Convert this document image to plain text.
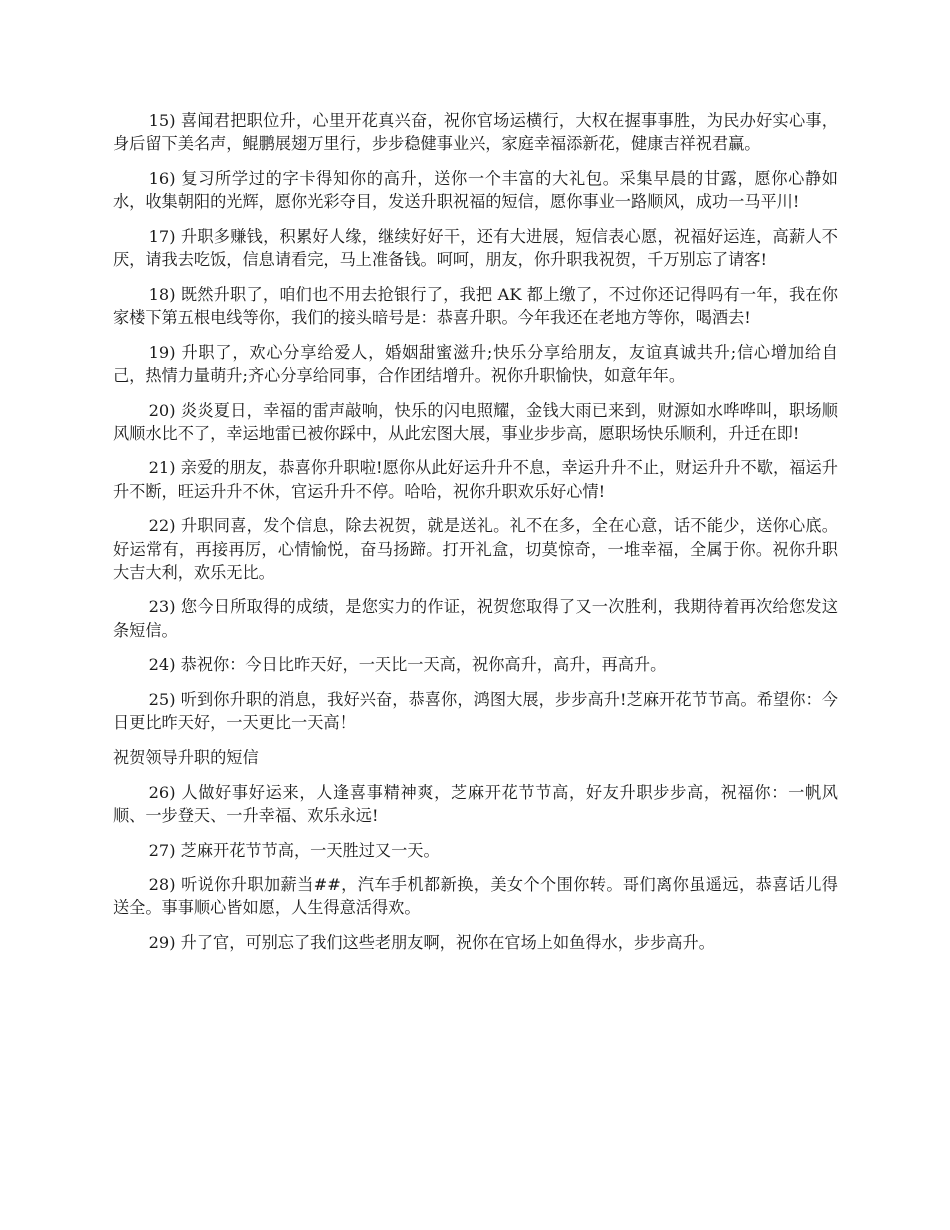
15) 喜闻君把职位升，心里开花真兴奋，祝你官场运横行，大权在握事事胜，为民办好实心事，身后留下美名声，鲲鹏展翅万里行，步步稳健事业兴，家庭幸福添新花，健康吉祥祝君赢。

16) 复习所学过的字卡得知你的高升，送你一个丰富的大礼包。采集早晨的甘露，愿你心静如水，收集朝阳的光辉，愿你光彩夺目，发送升职祝福的短信，愿你事业一路顺风，成功一马平川!

17) 升职多赚钱，积累好人缘，继续好好干，还有大进展，短信表心愿，祝福好运连，高薪人不厌，请我去吃饭，信息请看完，马上准备钱。呵呵，朋友，你升职我祝贺，千万别忘了请客!

18) 既然升职了，咱们也不用去抢银行了，我把 AK 都上缴了，不过你还记得吗有一年，我在你家楼下第五根电线等你，我们的接头暗号是：恭喜升职。今年我还在老地方等你，喝酒去!

19) 升职了，欢心分享给爱人，婚姻甜蜜滋升;快乐分享给朋友，友谊真诚共升;信心增加给自己，热情力量萌升;齐心分享给同事，合作团结增升。祝你升职愉快，如意年年。

20) 炎炎夏日，幸福的雷声敲响，快乐的闪电照耀，金钱大雨已来到，财源如水哗哗叫，职场顺风顺水比不了，幸运地雷已被你踩中，从此宏图大展，事业步步高，愿职场快乐顺利，升迁在即!

21) 亲爱的朋友，恭喜你升职啦!愿你从此好运升升不息，幸运升升不止，财运升升不歇，福运升升不断，旺运升升不休，官运升升不停。哈哈，祝你升职欢乐好心情!

22) 升职同喜，发个信息，除去祝贺，就是送礼。礼不在多，全在心意，话不能少，送你心底。好运常有，再接再厉，心情愉悦，奋马扬蹄。打开礼盒，切莫惊奇，一堆幸福，全属于你。祝你升职大吉大利，欢乐无比。

23) 您今日所取得的成绩，是您实力的作证，祝贺您取得了又一次胜利，我期待着再次给您发这条短信。

24) 恭祝你：今日比昨天好，一天比一天高，祝你高升，高升，再高升。

25) 听到你升职的消息，我好兴奋，恭喜你，鸿图大展，步步高升!芝麻开花节节高。希望你：今日更比昨天好，一天更比一天高！

祝贺领导升职的短信

26) 人做好事好运来，人逢喜事精神爽，芝麻开花节节高，好友升职步步高，祝福你：一帆风顺、一步登天、一升幸福、欢乐永远!

27) 芝麻开花节节高，一天胜过又一天。

28) 听说你升职加薪当##，汽车手机都新换，美女个个围你转。哥们离你虽遥远，恭喜话儿得送全。事事顺心皆如愿，人生得意活得欢。

29) 升了官，可别忘了我们这些老朋友啊，祝你在官场上如鱼得水，步步高升。
